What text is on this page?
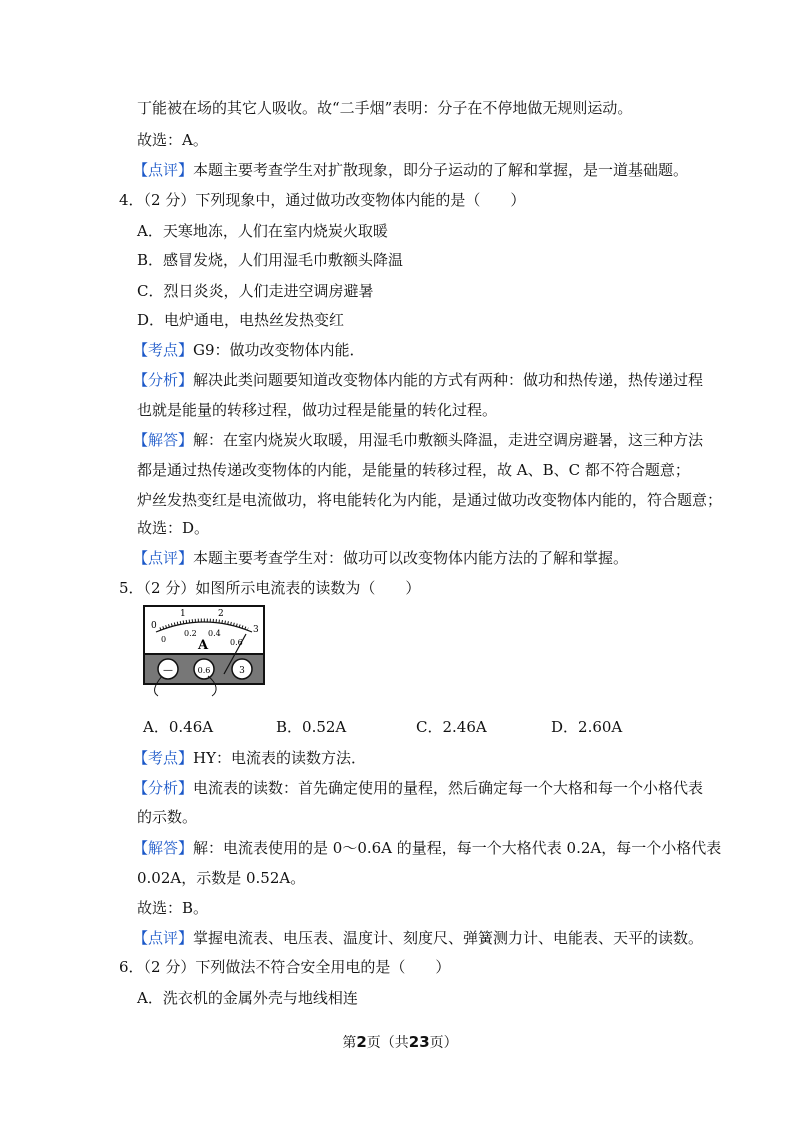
丁能被在场的其它人吸收。故“二手烟”表明：分子在不停地做无规则运动。
故选：A。
【点评】本题主要考查学生对扩散现象，即分子运动的了解和掌握，是一道基础题。
4．（2 分）下列现象中，通过做功改变物体内能的是（　　）
A．天寒地冻，人们在室内烧炭火取暖
B．感冒发烧，人们用湿毛巾敷额头降温
C．烈日炎炎，人们走进空调房避暑
D．电炉通电，电热丝发热变红
【考点】G9：做功改变物体内能．
【分析】解决此类问题要知道改变物体内能的方式有两种：做功和热传递，热传递过程
也就是能量的转移过程，做功过程是能量的转化过程。
【解答】解：在室内烧炭火取暖，用湿毛巾敷额头降温，走进空调房避暑，这三种方法
都是通过热传递改变物体的内能，是能量的转移过程，故 A、B、C 都不符合题意；
炉丝发热变红是电流做功，将电能转化为内能，是通过做功改变物体内能的，符合题意；
故选：D。
【点评】本题主要考查学生对：做功可以改变物体内能方法的了解和掌握。
5．（2 分）如图所示电流表的读数为（　　）
0
1	2
3
0
0.2 0.4
0.6
A
—	0.6	3
A．0.46A	B．0.52A	C．2.46A	D．2.60A
【考点】HY：电流表的读数方法．
【分析】电流表的读数：首先确定使用的量程，然后确定每一个大格和每一个小格代表
的示数。
【解答】解：电流表使用的是 0～0.6A 的量程，每一个大格代表 0.2A，每一个小格代表
0.02A，示数是 0.52A。
故选：B。
【点评】掌握电流表、电压表、温度计、刻度尺、弹簧测力计、电能表、天平的读数。
6．（2 分）下列做法不符合安全用电的是（　　）
A．洗衣机的金属外壳与地线相连
第2页（共23页）
